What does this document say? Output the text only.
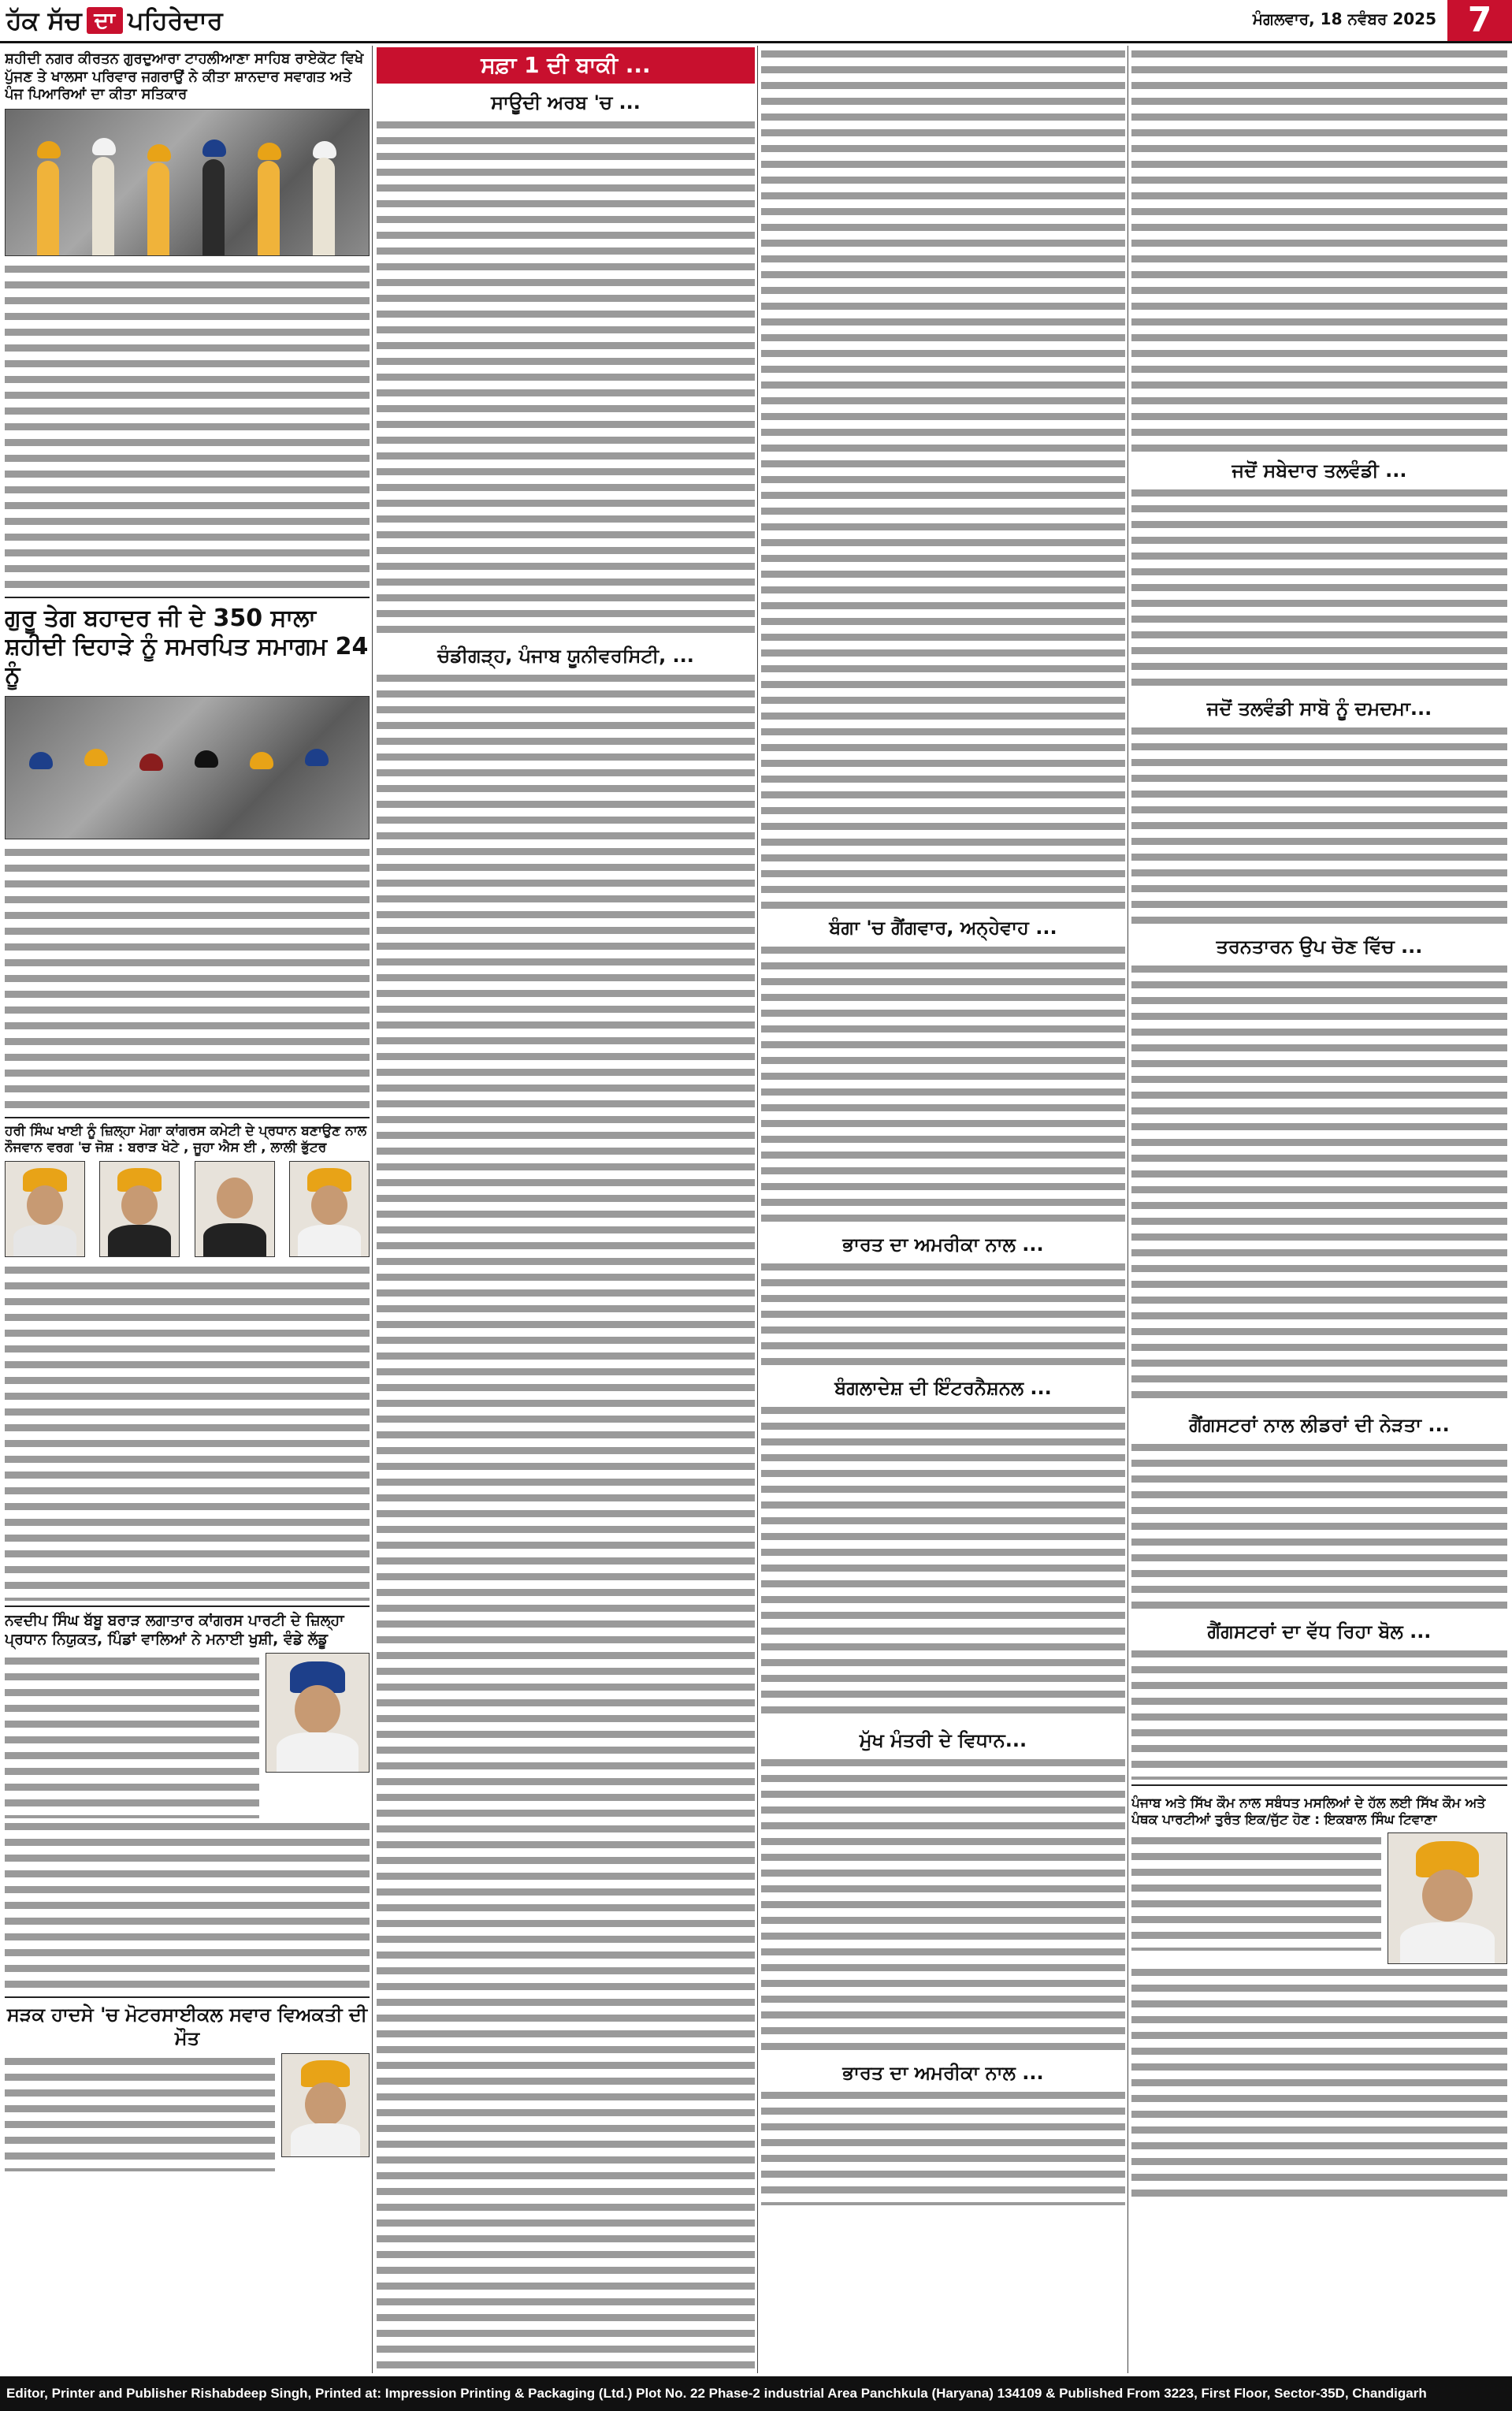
ਹੱਕ ਸੱਚ ਦਾ ਪਹਿਰੇਦਾਰ	ਮੰਗਲਵਾਰ, 18 ਨਵੰਬਰ 2025 7
ਸ਼ਹੀਦੀ ਨਗਰ ਕੀਰਤਨ ਗੁਰਦੁਆਰਾ ਟਾਹਲੀਆਣਾ ਸਾਹਿਬ ਰਾਏਕੋਟ ਵਿਖੇ ਪੁੱਜਣ ਤੇ ਖਾਲਸਾ ਪਰਿਵਾਰ ਜਗਰਾਉਂ ਨੇ ਕੀਤਾ ਸ਼ਾਨਦਾਰ ਸਵਾਗਤ ਅਤੇ ਪੰਜ ਪਿਆਰਿਆਂ ਦਾ ਕੀਤਾ ਸਤਿਕਾਰ
ਗੁਰੂ ਤੇਗ ਬਹਾਦਰ ਜੀ ਦੇ 350 ਸਾਲਾ ਸ਼ਹੀਦੀ ਦਿਹਾੜੇ ਨੂੰ ਸਮਰਪਿਤ ਸਮਾਗਮ 24 ਨੂੰ
ਹਰੀ ਸਿੰਘ ਖਾਈ ਨੂੰ ਜ਼ਿਲ੍ਹਾ ਮੋਗਾ ਕਾਂਗਰਸ ਕਮੇਟੀ ਦੇ ਪ੍ਰਧਾਨ ਬਣਾਉਣ ਨਾਲ ਨੌਜਵਾਨ ਵਰਗ 'ਚ ਜੋਸ਼ : ਬਰਾੜ ਖੋਟੇ , ਜੂਹਾ ਐਸ ਈ , ਲਾਲੀ ਭੁੱਟਰ
ਨਵਦੀਪ ਸਿੰਘ ਬੱਬੂ ਬਰਾੜ ਲਗਾਤਾਰ ਕਾਂਗਰਸ ਪਾਰਟੀ ਦੇ ਜ਼ਿਲ੍ਹਾ ਪ੍ਰਧਾਨ ਨਿਯੁਕਤ, ਪਿੰਡਾਂ ਵਾਲਿਆਂ ਨੇ ਮਨਾਈ ਖੁਸ਼ੀ, ਵੰਡੇ ਲੱਡੂ
ਸੜਕ ਹਾਦਸੇ 'ਚ ਮੋਟਰਸਾਈਕਲ ਸਵਾਰ ਵਿਅਕਤੀ ਦੀ ਮੌਤ
ਸਫ਼ਾ 1 ਦੀ ਬਾਕੀ ...
ਸਾਊਦੀ ਅਰਬ 'ਚ ...
ਚੰਡੀਗੜ੍ਹ, ਪੰਜਾਬ ਯੂਨੀਵਰਸਿਟੀ, ...
ਬੰਗਾ 'ਚ ਗੈਂਗਵਾਰ, ਅਨ੍ਹੇਵਾਹ ...
ਭਾਰਤ ਦਾ ਅਮਰੀਕਾ ਨਾਲ ...
ਬੰਗਲਾਦੇਸ਼ ਦੀ ਇੰਟਰਨੈਸ਼ਨਲ ...
ਮੁੱਖ ਮੰਤਰੀ ਦੇ ਵਿਧਾਨ...
ਭਾਰਤ ਦਾ ਅਮਰੀਕਾ ਨਾਲ ...
ਜਦੋਂ ਸਬੇਦਾਰ ਤਲਵੰਡੀ ...
ਜਦੋਂ ਤਲਵੰਡੀ ਸਾਬੋ ਨੂੰ ਦਮਦਮਾ...
ਤਰਨਤਾਰਨ ਉਪ ਚੋਣ ਵਿੱਚ ...
ਗੈਂਗਸਟਰਾਂ ਨਾਲ ਲੀਡਰਾਂ ਦੀ ਨੇੜਤਾ ...
ਗੈਂਗਸਟਰਾਂ ਦਾ ਵੱਧ ਰਿਹਾ ਬੋਲ ...
ਪੰਜਾਬ ਅਤੇ ਸਿੱਖ ਕੌਮ ਨਾਲ ਸਬੰਧਤ ਮਸਲਿਆਂ ਦੇ ਹੱਲ ਲਈ ਸਿੱਖ ਕੌਮ ਅਤੇ ਪੰਥਕ ਪਾਰਟੀਆਂ ਤੁਰੰਤ ਇਕ/ਜੁੱਟ ਹੋਣ : ਇਕਬਾਲ ਸਿੰਘ ਟਿਵਾਣਾ
Editor, Printer and Publisher Rishabdeep Singh, Printed at: Impression Printing & Packaging (Ltd.) Plot No. 22 Phase-2 industrial Area Panchkula (Haryana) 134109 & Published From 3223, First Floor, Sector-35D, Chandigarh
